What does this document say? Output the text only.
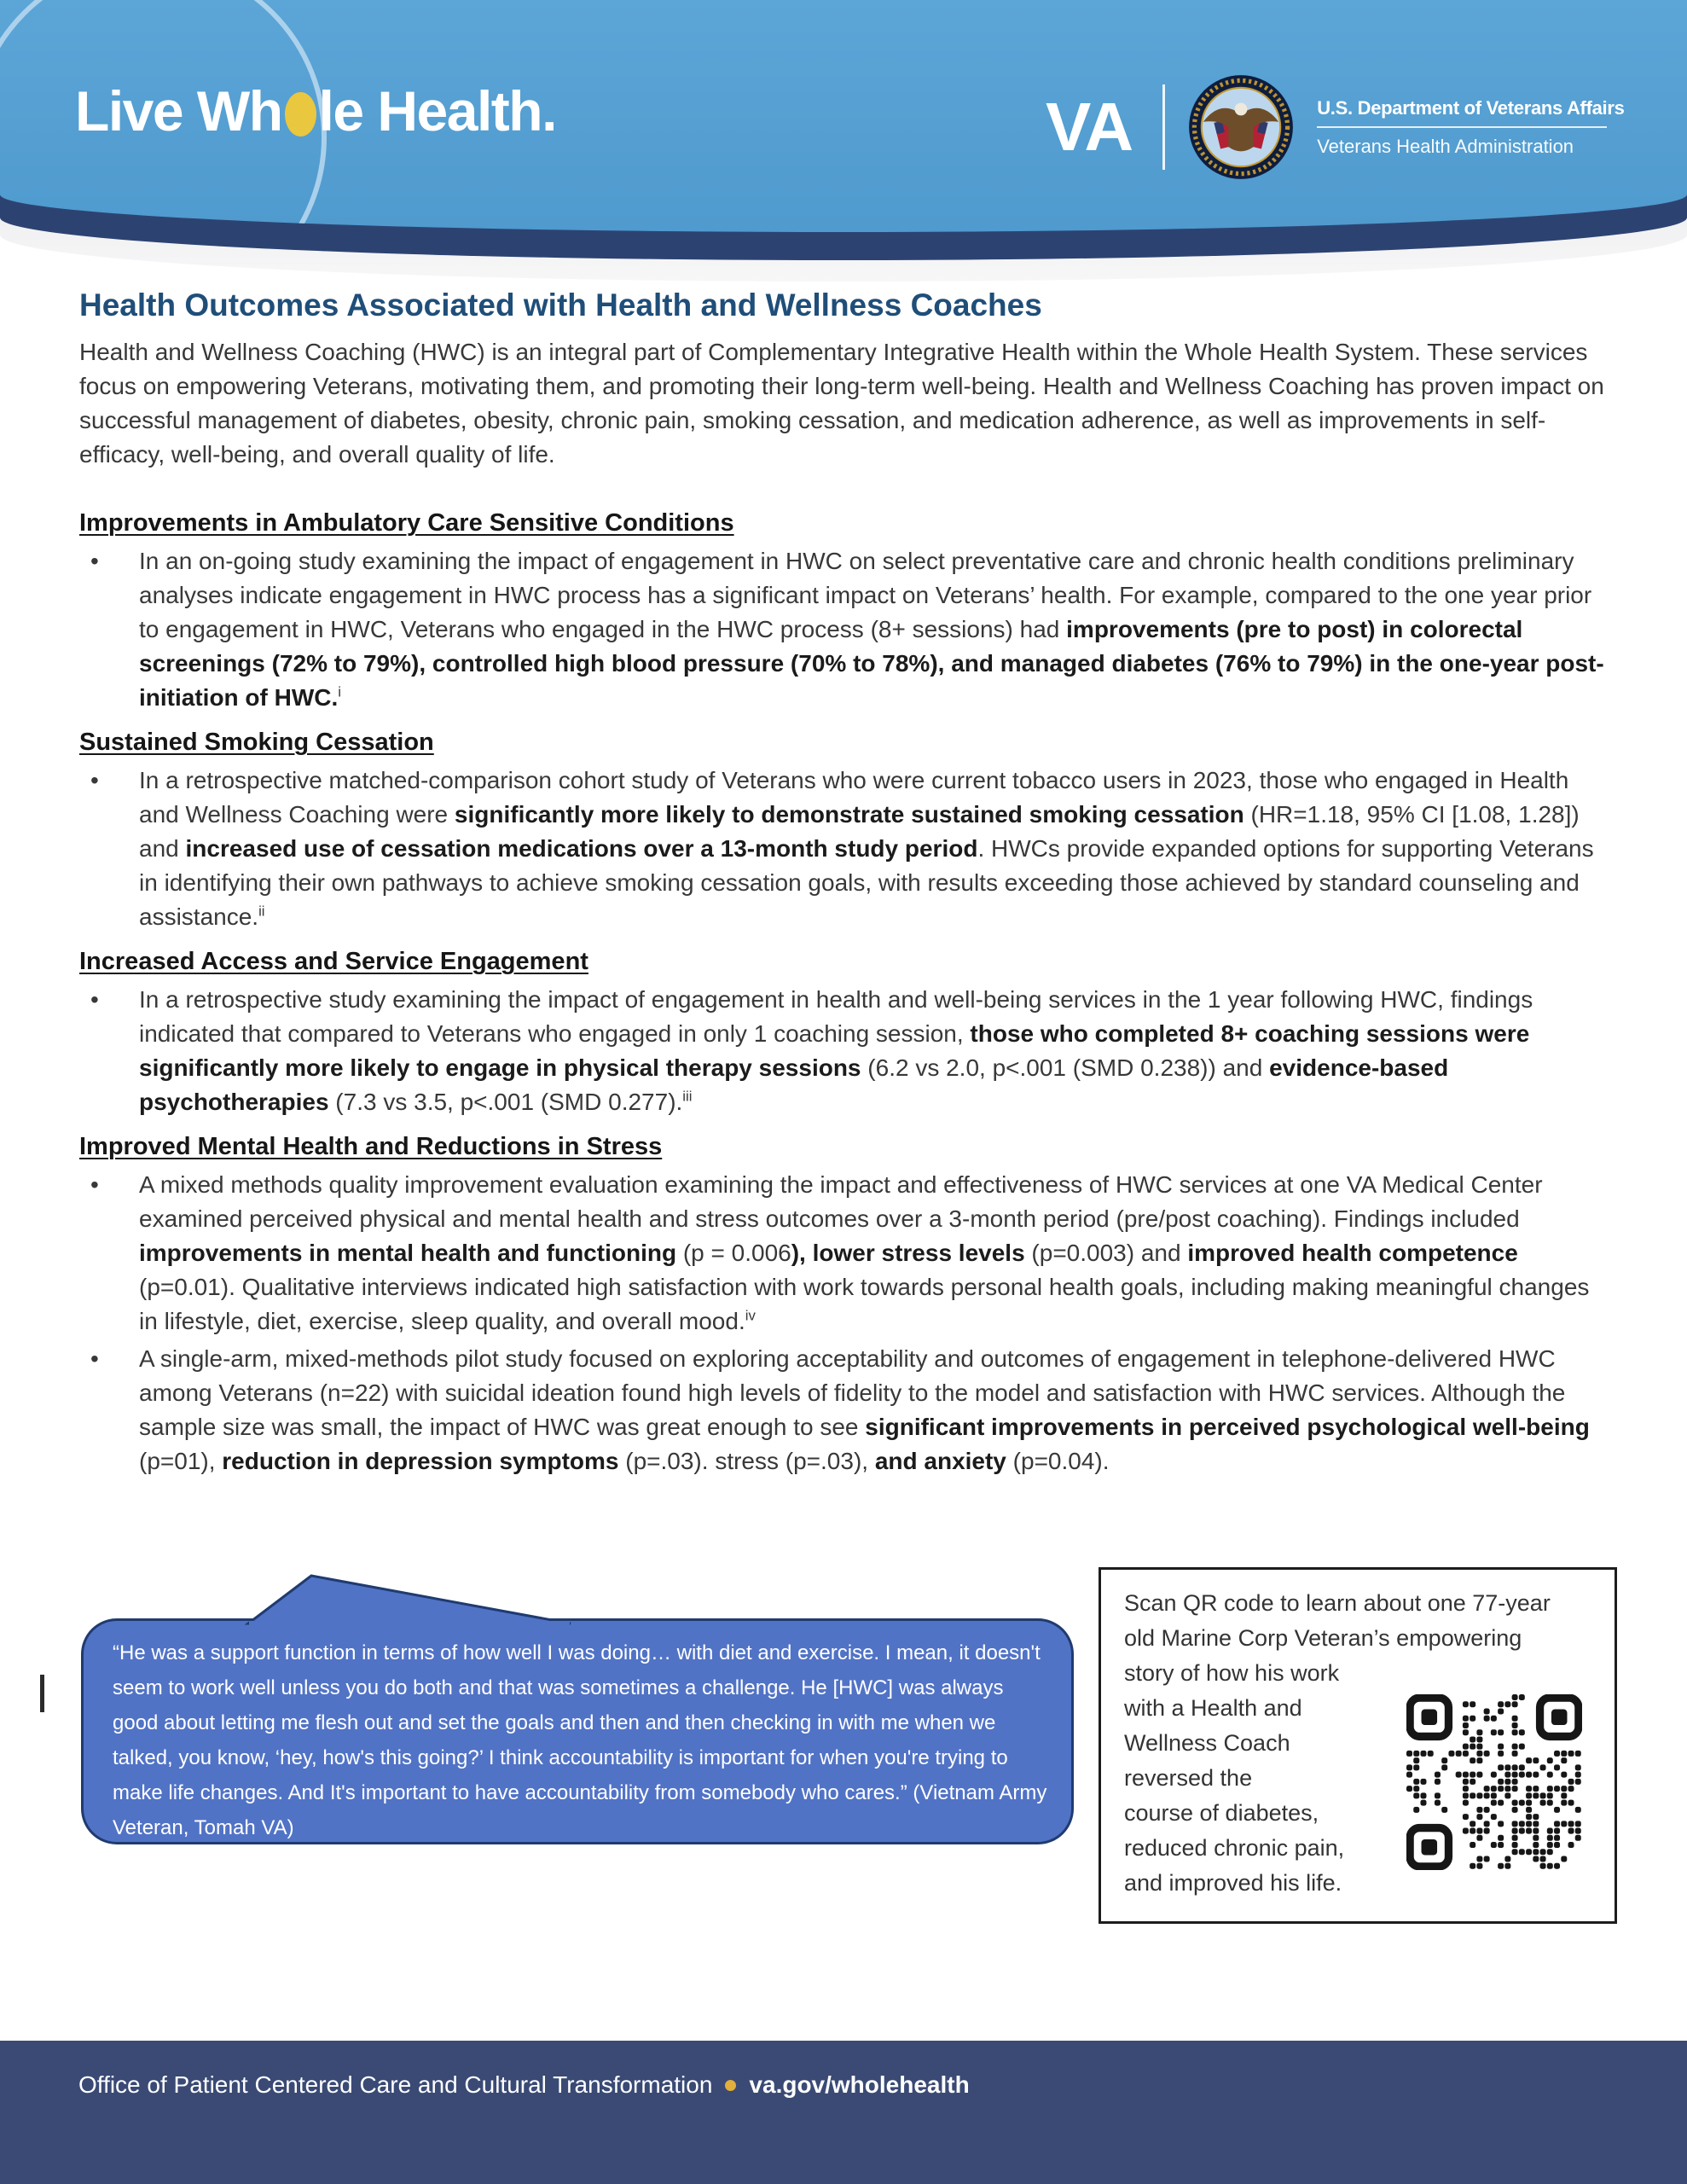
Live Wh le Health.	VA	U.S. Department of Veterans Affairs
Veterans Health Administration
Health Outcomes Associated with Health and Wellness Coaches

Health and Wellness Coaching (HWC) is an integral part of Complementary Integrative Health within the Whole Health System. These services focus on empowering Veterans, motivating them, and promoting their long-term well-being. Health and Wellness Coaching has proven impact on successful management of diabetes, obesity, chronic pain, smoking cessation, and medication adherence, as well as improvements in self-efficacy, well-being, and overall quality of life.

Improvements in Ambulatory Care Sensitive Conditions
•	In an on-going study examining the impact of engagement in HWC on select preventative care and chronic health conditions preliminary analyses indicate engagement in HWC process has a significant impact on Veterans’ health. For example, compared to the one year prior to engagement in HWC, Veterans who engaged in the HWC process (8+ sessions) had improvements (pre to post) in colorectal screenings (72% to 79%), controlled high blood pressure (70% to 78%), and managed diabetes (76% to 79%) in the one-year post-initiation of HWC.$^i$
Sustained Smoking Cessation
•	In a retrospective matched-comparison cohort study of Veterans who were current tobacco users in 2023, those who engaged in Health and Wellness Coaching were significantly more likely to demonstrate sustained smoking cessation (HR=1.18, 95% CI [1.08, 1.28]) and increased use of cessation medications over a 13-month study period. HWCs provide expanded options for supporting Veterans in identifying their own pathways to achieve smoking cessation goals, with results exceeding those achieved by standard counseling and assistance.$^{ii}$
Increased Access and Service Engagement
•	In a retrospective study examining the impact of engagement in health and well-being services in the 1 year following HWC, findings indicated that compared to Veterans who engaged in only 1 coaching session, those who completed 8+ coaching sessions were significantly more likely to engage in physical therapy sessions (6.2 vs 2.0, p<.001 (SMD 0.238)) and evidence-based psychotherapies (7.3 vs 3.5, p<.001 (SMD 0.277).$^{iii}$
Improved Mental Health and Reductions in Stress
•	A mixed methods quality improvement evaluation examining the impact and effectiveness of HWC services at one VA Medical Center examined perceived physical and mental health and stress outcomes over a 3-month period (pre/post coaching). Findings included improvements in mental health and functioning (p = 0.006), lower stress levels (p=0.003) and improved health competence (p=0.01). Qualitative interviews indicated high satisfaction with work towards personal health goals, including making meaningful changes in lifestyle, diet, exercise, sleep quality, and overall mood.$^{iv}$
•	A single-arm, mixed-methods pilot study focused on exploring acceptability and outcomes of engagement in telephone-delivered HWC among Veterans (n=22) with suicidal ideation found high levels of fidelity to the model and satisfaction with HWC services. Although the sample size was small, the impact of HWC was great enough to see significant improvements in perceived psychological well-being (p=01), reduction in depression symptoms (p=.03). stress (p=.03), and anxiety (p=0.04).
“He was a support function in terms of how well I was doing… with diet and exercise. I mean, it doesn't seem to work well unless you do both and that was sometimes a challenge. He [HWC] was always good about letting me flesh out and set the goals and then and then checking in with me when we talked, you know, ‘hey, how's this going?’ I think accountability is important for when you're trying to make life changes. And It's important to have accountability from somebody who cares.” (Vietnam Army Veteran, Tomah VA)
Scan QR code to learn about one 77-year
old Marine Corp Veteran’s empowering
story of how his work
with a Health and
Wellness Coach
reversed the
course of diabetes,
reduced chronic pain,
and improved his life.
Office of Patient Centered Care and Cultural Transformation va.gov/wholehealth
